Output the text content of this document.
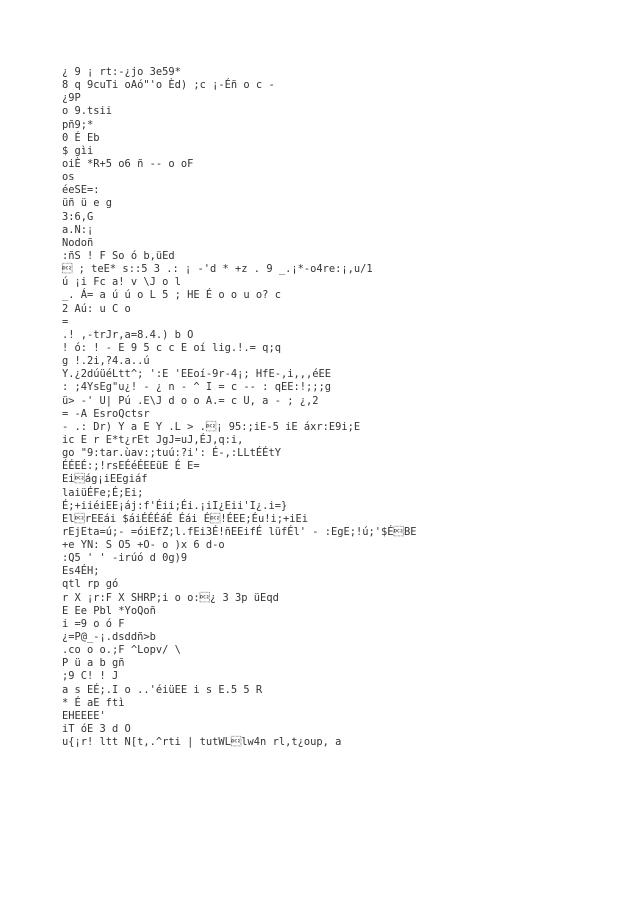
¿ 9 ¡ rt:-¿jo 3e59*
8 q 9cuTi oAó"'o Èd) ;c ¡-Éñ o c -
¿9P
o 9.tsii
pñ9;*
0 É Eb
$ gìi
oiÈ *R+5 o6 ñ -- o oF
os
éeSE=:
üñ ü e g
3:6,G
a.N:¡
Nodoñ
:ñS ! F So ó b,üEd
 ; teE* s::5 3 .: ¡ -'d * +z . 9 _.¡*-o4re:¡,u/1
ú ¡i Fc a! v \J o l
_. Á= a ú ú o L 5 ; HE É o o u o? c
2 Aú: u C o
=
.! ,-trJr,a=8.4.) b O
! ó: ! - E 9 5 c c E oí lig.!.= q;q
g !.2i,?4.a..ú
Y.¿2dúüéLtt^; ':E 'EEoí-9r-4¡; HfE-,i,,,éEE
: ;4YsEg"u¿! - ¿ n - ^ I = c -- : qEE:!;;;g
ü> -' U| Pú .E\J d o o A.= c U, a - ; ¿,2
= -A EsroQctsr
- .: Dr) Y a E Y .L > .¡ 95:;iE-5 iE áxr:E9i;E
ic E r E*t¿rEt JgJ=uJ,ÉJ,q:i,
go "9:tar.ùav:;tuú:?i': É-,:LLtÉÉtY
ÉÉEÉ:;!rsEÉéÉEEüE É E=
Eiág¡iEEgiáf
laiüÉFe;É;Ei;
É;+iiéiEE¡áj:f'Éii;Éi.¡iI¿Eii'I¿.i=}
ElrEEái $áiÉÉÉáÉ Éái É!ÉEE;Éu!i;+iEi
rEjEta=ú;- =óiEfZ;l.fEi3É!ñEEifÉ lüfÉl' - :EgE;!ú;'$ÉBE
+e YN: S O5 +O- o )x 6 d-o
:Q5 ' ' -irúó d 0g)9
Es4ÉH;
qtl rp gó
r X ¡r:F X SHRP;i o o:¿ 3 3p üEqd
E Ee Pbl *YoQoñ
i =9 o ó F
¿=P@_-¡.dsddñ>b
.co o o.;F ^Lopv/ \
P ü a b gñ
;9 C! ! J
a s EÉ;.I o ..'éiüEE i s E.5 5 R
* É aE ftì
EHEEEE'
iT óE 3 d O
u{¡r! ltt N[t,.^rti | tutWLlw4n rl,t¿oup, a
